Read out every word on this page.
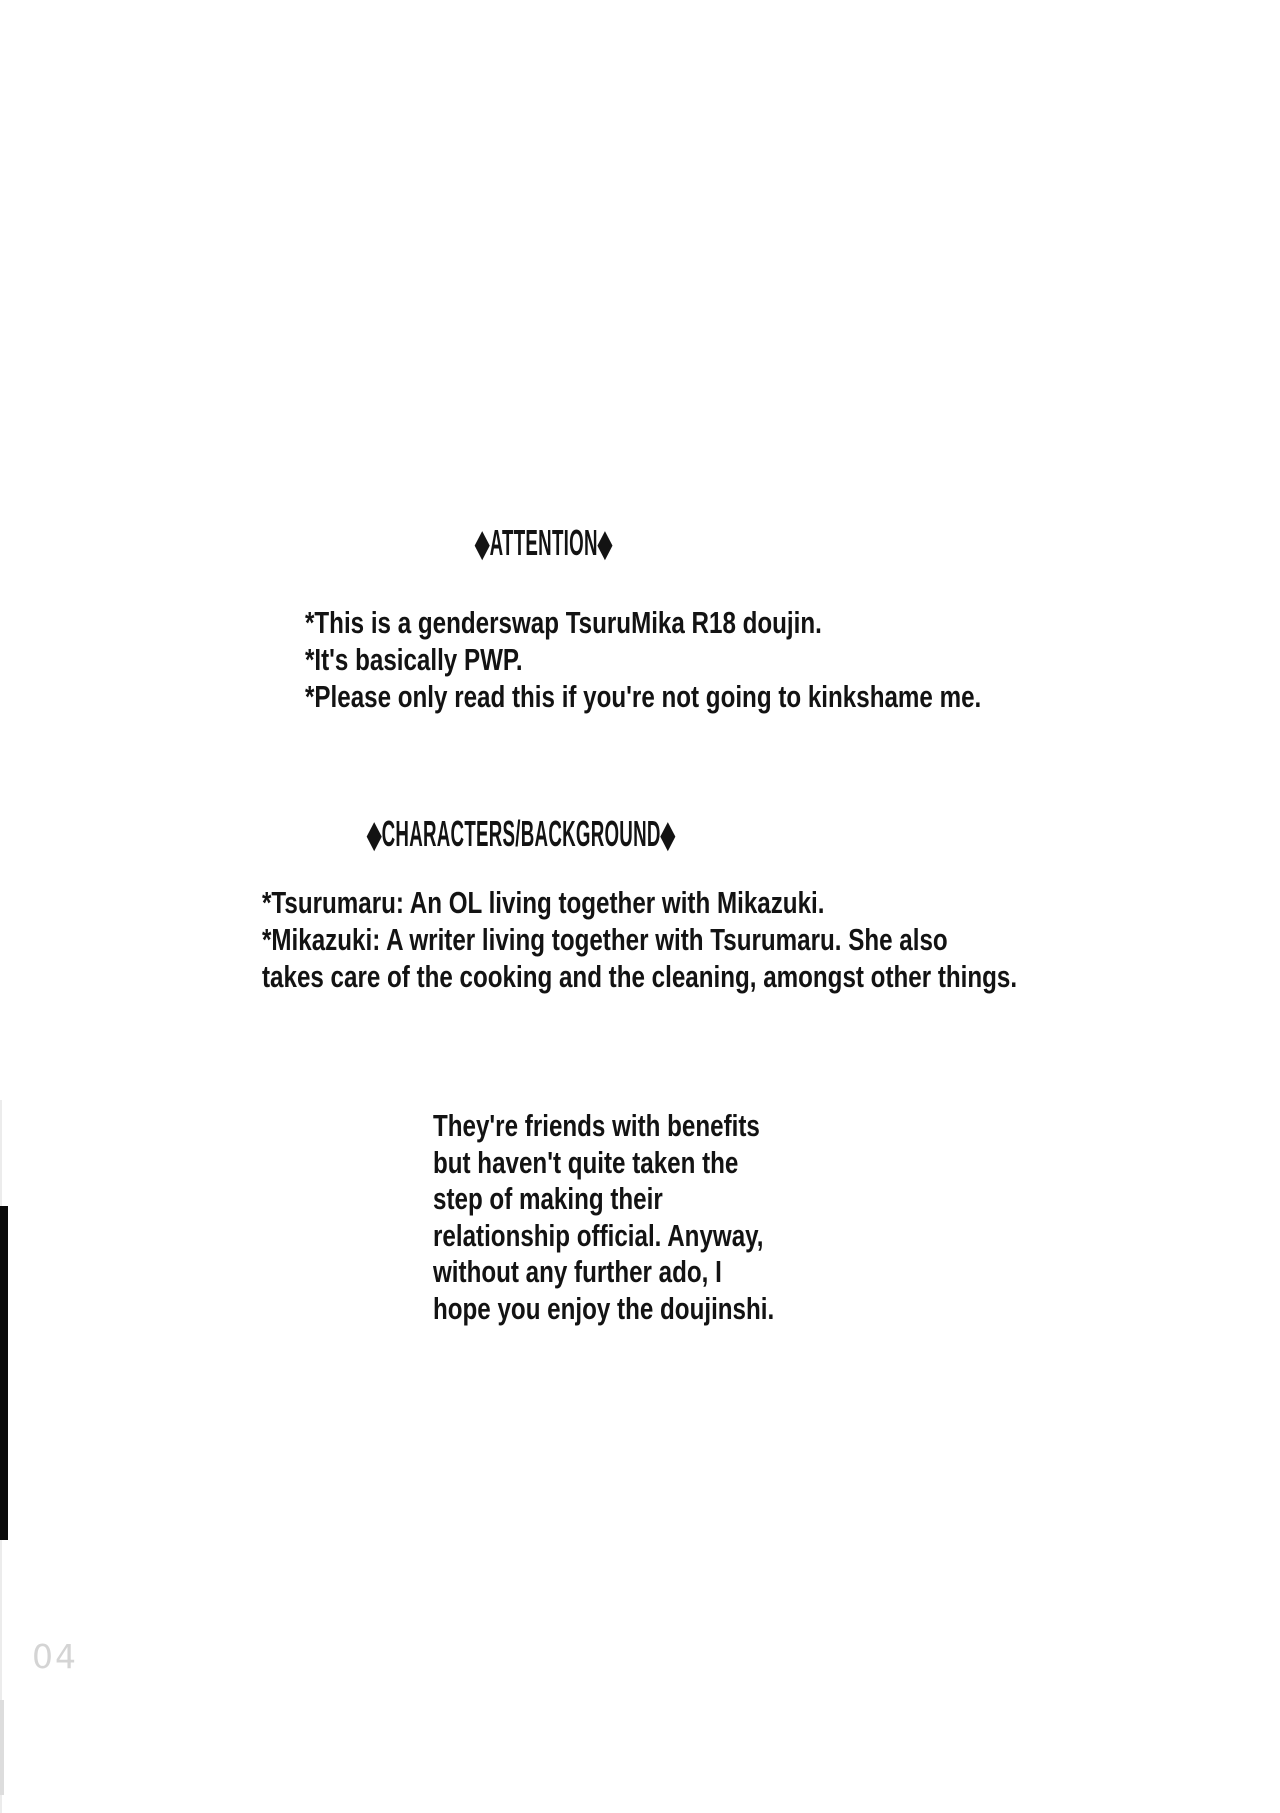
◆ATTENTION◆
*This is a genderswap TsuruMika R18 doujin.
*It's basically PWP.
*Please only read this if you're not going to kinkshame me.
◆CHARACTERS/BACKGROUND◆
*Tsurumaru: An OL living together with Mikazuki.
*Mikazuki: A writer living together with Tsurumaru. She also
takes care of the cooking and the cleaning, amongst other things.
They're friends with benefits
but haven't quite taken the
step of making their
relationship official. Anyway,
without any further ado, I
hope you enjoy the doujinshi.
04
